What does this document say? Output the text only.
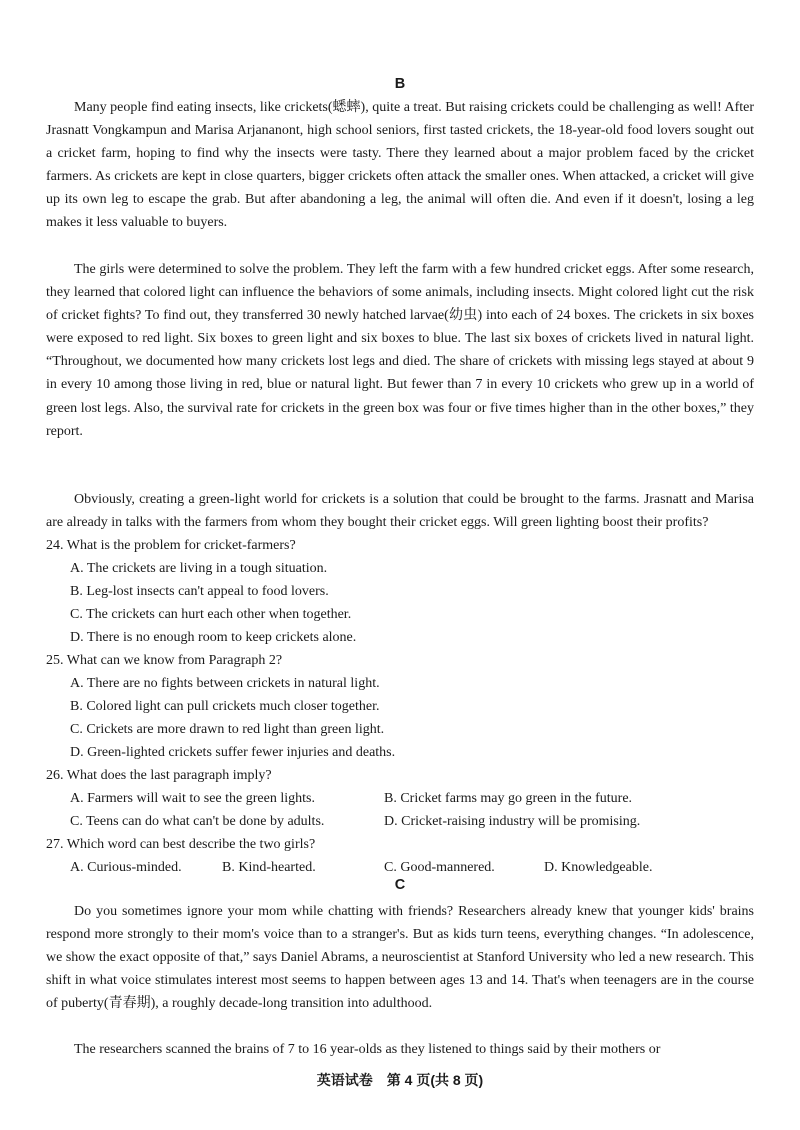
B

Many people find eating insects, like crickets(蟋蟀), quite a treat. But raising crickets could be challenging as well! After Jrasnatt Vongkampun and Marisa Arjananont, high school seniors, first tasted crickets, the 18-year-old food lovers sought out a cricket farm, hoping to find why the insects were tasty. There they learned about a major problem faced by the cricket farmers. As crickets are kept in close quarters, bigger crickets often attack the smaller ones. When attacked, a cricket will give up its own leg to escape the grab. But after abandoning a leg, the animal will often die. And even if it doesn't, losing a leg makes it less valuable to buyers.

The girls were determined to solve the problem. They left the farm with a few hundred cricket eggs. After some research, they learned that colored light can influence the behaviors of some animals, including insects. Might colored light cut the risk of cricket fights? To find out, they transferred 30 newly hatched larvae(幼虫) into each of 24 boxes. The crickets in six boxes were exposed to red light. Six boxes to green light and six boxes to blue. The last six boxes of crickets lived in natural light. “Throughout, we documented how many crickets lost legs and died. The share of crickets with missing legs stayed at about 9 in every 10 among those living in red, blue or natural light. But fewer than 7 in every 10 crickets who grew up in a world of green lost legs. Also, the survival rate for crickets in the green box was four or five times higher than in the other boxes,” they report.

Obviously, creating a green-light world for crickets is a solution that could be brought to the farms. Jrasnatt and Marisa are already in talks with the farmers from whom they bought their cricket eggs. Will green lighting boost their profits?

24. What is the problem for cricket-farmers?

A. The crickets are living in a tough situation.

B. Leg-lost insects can't appeal to food lovers.

C. The crickets can hurt each other when together.

D. There is no enough room to keep crickets alone.

25. What can we know from Paragraph 2?

A. There are no fights between crickets in natural light.

B. Colored light can pull crickets much closer together.

C. Crickets are more drawn to red light than green light.

D. Green-lighted crickets suffer fewer injuries and deaths.

26. What does the last paragraph imply?

A. Farmers will wait to see the green lights.	B. Cricket farms may go green in the future.

C. Teens can do what can't be done by adults.	D. Cricket-raising industry will be promising.

27. Which word can best describe the two girls?

A. Curious-minded.	B. Kind-hearted.	C. Good-mannered.	D. Knowledgeable.

C

Do you sometimes ignore your mom while chatting with friends? Researchers already knew that younger kids' brains respond more strongly to their mom's voice than to a stranger's. But as kids turn teens, everything changes. “In adolescence, we show the exact opposite of that,” says Daniel Abrams, a neuroscientist at Stanford University who led a new research. This shift in what voice stimulates interest most seems to happen between ages 13 and 14. That's when teenagers are in the course of puberty(青春期), a roughly decade-long transition into adulthood.

The researchers scanned the brains of 7 to 16 year-olds as they listened to things said by their mothers or

英语试卷　第 4 页(共 8 页)
